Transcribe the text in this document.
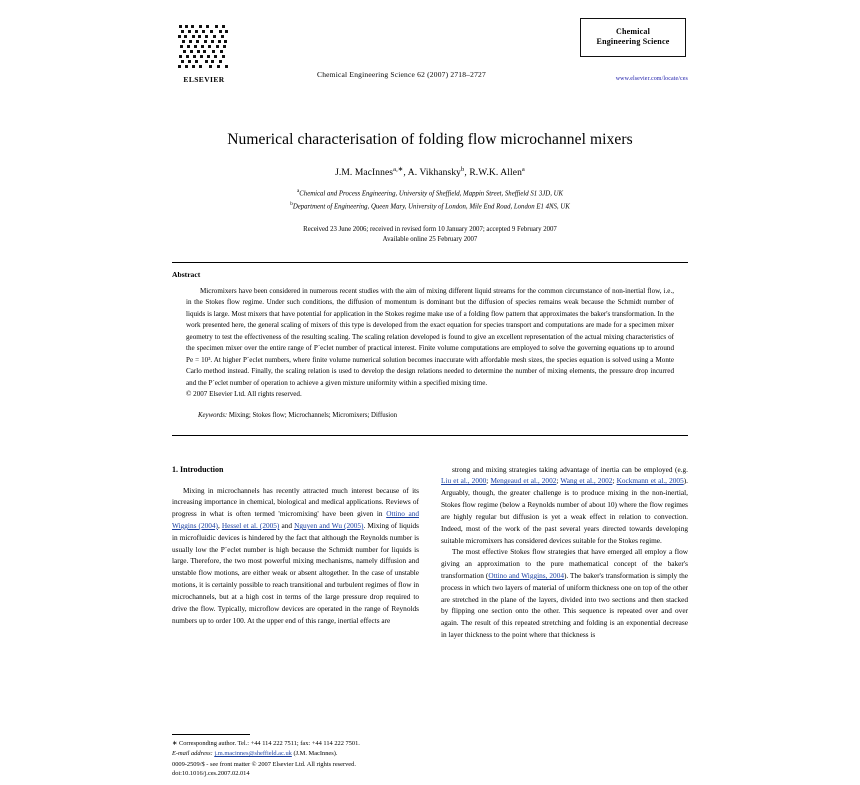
ELSEVIER
Chemical Engineering Science 62 (2007) 2718–2727
Chemical
Engineering Science
www.elsevier.com/locate/ces
Numerical characterisation of folding flow microchannel mixers
J.M. MacInnes$^{a,∗}$, A. Vikhansky$^b$, R.W.K. Allen$^a$
$^a$Chemical and Process Engineering, University of Sheffield, Mappin Street, Sheffield S1 3JD, UK
$^b$Department of Engineering, Queen Mary, University of London, Mile End Road, London E1 4NS, UK
Received 23 June 2006; received in revised form 10 January 2007; accepted 9 February 2007
Available online 25 February 2007
Abstract
Micromixers have been considered in numerous recent studies with the aim of mixing different liquid streams for the common circumstance of non-inertial flow, i.e., in the Stokes flow regime. Under such conditions, the diffusion of momentum is dominant but the diffusion of species remains weak because the Schmidt number of liquids is large. Most mixers that have potential for application in the Stokes regime make use of a folding flow pattern that approximates the baker's transformation. In the work presented here, the general scaling of mixers of this type is developed from the exact equation for species transport and computations are made for a specimen mixer geometry to test the effectiveness of the resulting scaling. The scaling relation developed is found to give an excellent representation of the actual mixing characteristics of the specimen mixer over the entire range of P´eclet number of practical interest. Finite volume computations are employed to solve the governing equations up to around Pe = 10³. At higher P´eclet numbers, where finite volume numerical solution becomes inaccurate with affordable mesh sizes, the species equation is solved using a Monte Carlo method instead. Finally, the scaling relation is used to develop the design relations needed to determine the number of mixing elements, the pressure drop incurred and the P´eclet number of operation to achieve a given mixture uniformity within a specified mixing time.
© 2007 Elsevier Ltd. All rights reserved.
Keywords: Mixing; Stokes flow; Microchannels; Micromixers; Diffusion
1. Introduction

Mixing in microchannels has recently attracted much interest because of its increasing importance in chemical, biological and medical applications. Reviews of progress in what is often termed 'micromixing' have been given in Ottino and Wiggins (2004), Hessel et al. (2005) and Nguyen and Wu (2005). Mixing of liquids in microfluidic devices is hindered by the fact that although the Reynolds number is usually low the P´eclet number is high because the Schmidt number for liquids is large. Therefore, the two most powerful mixing mechanisms, namely diffusion and unstable flow motions, are either weak or absent altogether. In the case of unstable motions, it is certainly possible to reach transitional and turbulent regimes of flow in microchannels, but at a high cost in terms of the large pressure drop required to drive the flow. Typically, microflow devices are operated in the range of Reynolds numbers up to order 100. At the upper end of this range, inertial effects are

strong and mixing strategies taking advantage of inertia can be employed (e.g. Liu et al., 2000; Mengeaud et al., 2002; Wang et al., 2002; Kockmann et al., 2005). Arguably, though, the greater challenge is to produce mixing in the non-inertial, Stokes flow regime (below a Reynolds number of about 10) where the flow regimes are highly regular but diffusion is yet a weak effect in relation to convection. Indeed, most of the work of the past several years directed towards developing suitable micromixers has considered devices suitable for the Stokes regime.

The most effective Stokes flow strategies that have emerged all employ a flow giving an approximation to the pure mathematical concept of the baker's transformation (Ottino and Wiggins, 2004). The baker's transformation is simply the process in which two layers of material of uniform thickness one on top of the other are stretched in the plane of the layers, divided into two sections and then stacked by flipping one section onto the other. This sequence is repeated over and over again. The result of this repeated stretching and folding is an exponential decrease in layer thickness to the point where that thickness is

∗ Corresponding author. Tel.: +44 114 222 7511; fax: +44 114 222 7501.
E-mail address: j.m.macinnes@sheffield.ac.uk (J.M. MacInnes).
0009-2509/$ - see front matter © 2007 Elsevier Ltd. All rights reserved.
doi:10.1016/j.ces.2007.02.014
